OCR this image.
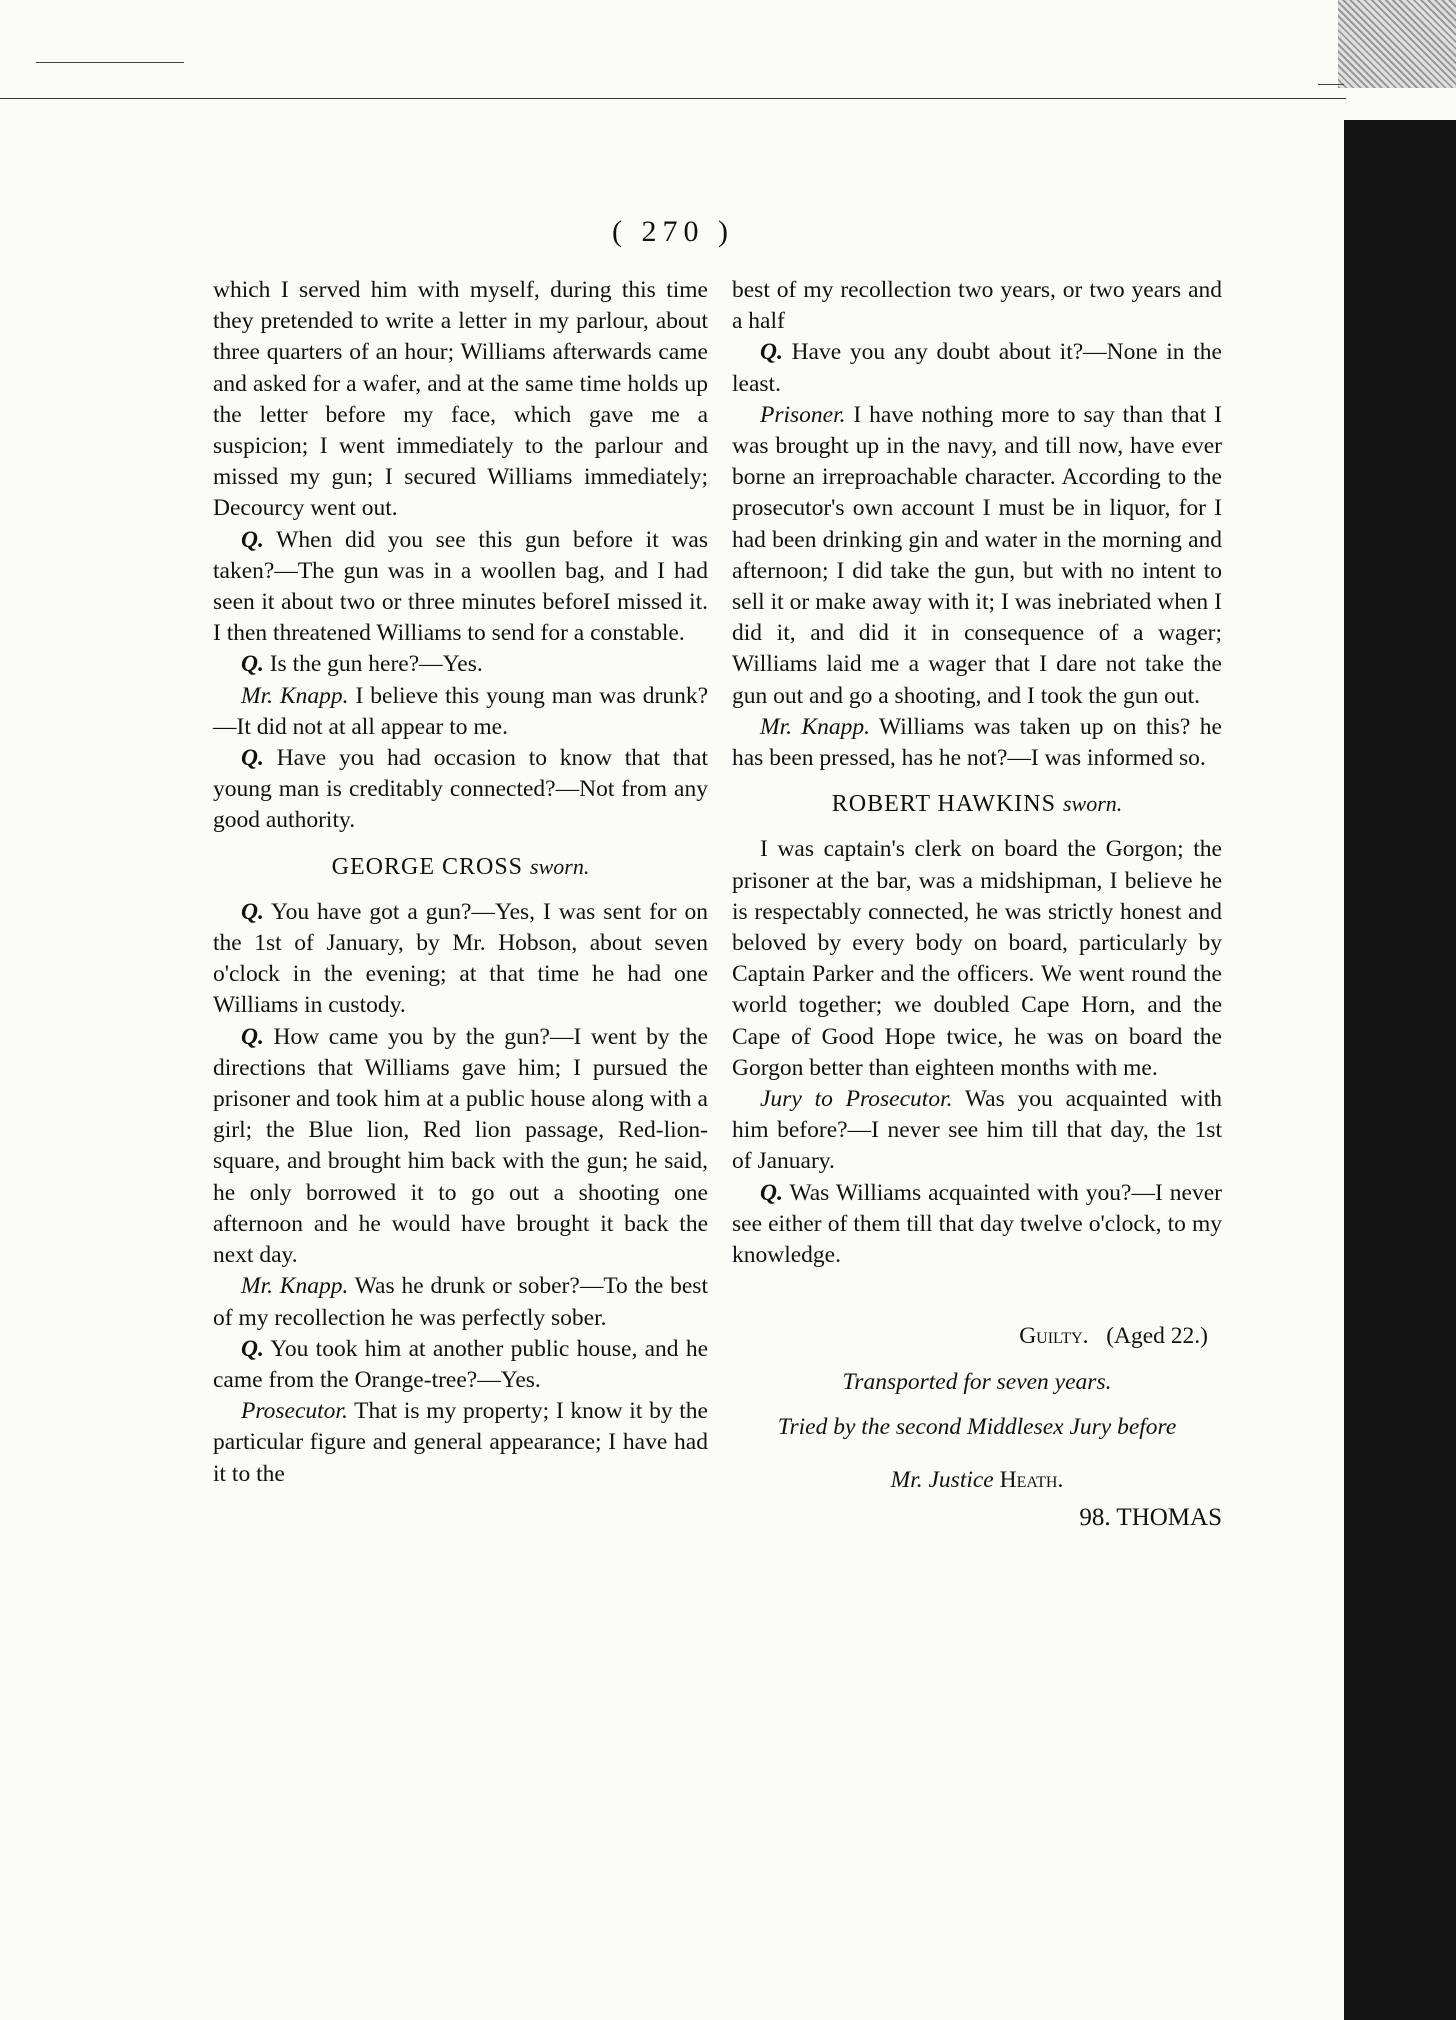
( 270 )

which I served him with myself, during this time they pretended to write a letter in my parlour, about three quarters of an hour; Williams afterwards came and asked for a wafer, and at the same time holds up the letter before my face, which gave me a suspicion; I went immediately to the parlour and missed my gun; I secured Williams immediately; Decourcy went out.

Q. When did you see this gun before it was taken?—The gun was in a woollen bag, and I had seen it about two or three minutes beforeI missed it. I then threatened Williams to send for a constable.

Q. Is the gun here?—Yes.

Mr. Knapp. I believe this young man was drunk?—It did not at all appear to me.

Q. Have you had occasion to know that that young man is creditably connected?—Not from any good authority.

GEORGE CROSS sworn.

Q. You have got a gun?—Yes, I was sent for on the 1st of January, by Mr. Hobson, about seven o'clock in the evening; at that time he had one Williams in custody.

Q. How came you by the gun?—I went by the directions that Williams gave him; I pursued the prisoner and took him at a public house along with a girl; the Blue lion, Red lion passage, Red-lion-square, and brought him back with the gun; he said, he only borrowed it to go out a shooting one afternoon and he would have brought it back the next day.

Mr. Knapp. Was he drunk or sober?—To the best of my recollection he was perfectly sober.

Q. You took him at another public house, and he came from the Orange-tree?—Yes.

Prosecutor. That is my property; I know it by the particular figure and general appearance; I have had it to the

best of my recollection two years, or two years and a half

Q. Have you any doubt about it?—None in the least.

Prisoner. I have nothing more to say than that I was brought up in the navy, and till now, have ever borne an irreproachable character. According to the prosecutor's own account I must be in liquor, for I had been drinking gin and water in the morning and afternoon; I did take the gun, but with no intent to sell it or make away with it; I was inebriated when I did it, and did it in consequence of a wager; Williams laid me a wager that I dare not take the gun out and go a shooting, and I took the gun out.

Mr. Knapp. Williams was taken up on this? he has been pressed, has he not?—I was informed so.

ROBERT HAWKINS sworn.

I was captain's clerk on board the Gorgon; the prisoner at the bar, was a midshipman, I believe he is respectably connected, he was strictly honest and beloved by every body on board, particularly by Captain Parker and the officers. We went round the world together; we doubled Cape Horn, and the Cape of Good Hope twice, he was on board the Gorgon better than eighteen months with me.

Jury to Prosecutor. Was you acquainted with him before?—I never see him till that day, the 1st of January.

Q. Was Williams acquainted with you?—I never see either of them till that day twelve o'clock, to my knowledge.

Guilty. (Aged 22.)

Transported for seven years.

Tried by the second Middlesex Jury before

Mr. Justice Heath.

98. THOMAS
